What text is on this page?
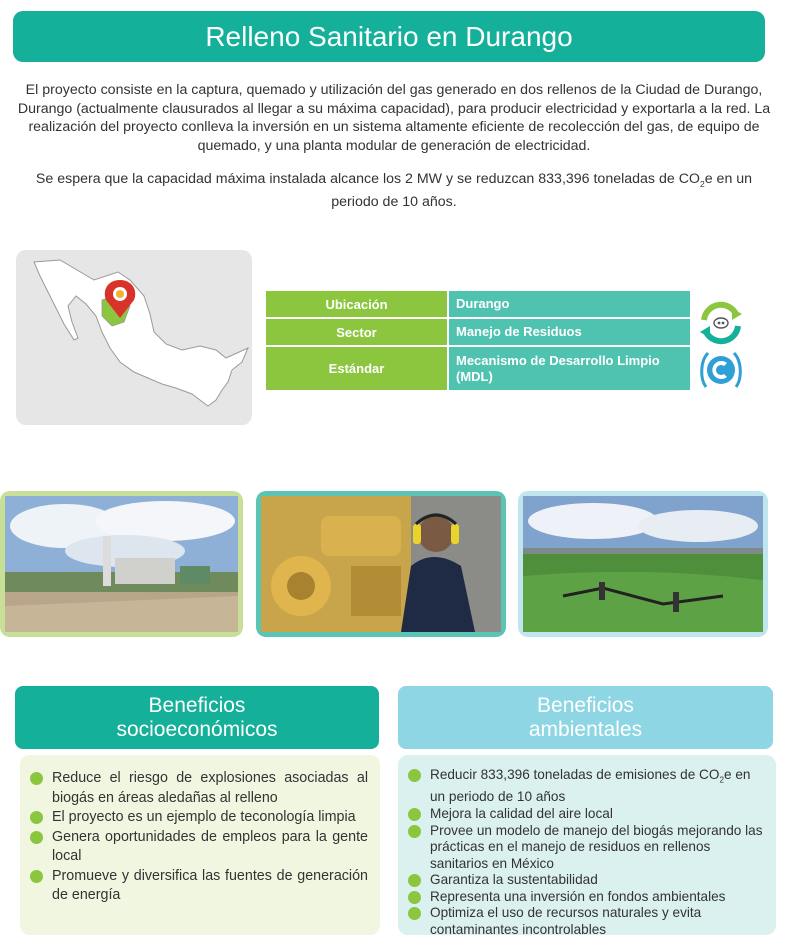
Relleno Sanitario en Durango

El proyecto consiste en la captura, quemado y utilización del gas generado en dos rellenos de la Ciudad de Durango, Durango (actualmente clausurados al llegar a su máxima capacidad), para producir electricidad y exportarla a la red. La realización del proyecto conlleva la inversión en un sistema altamente eficiente de recolección del gas, de equipo de quemado, y una planta modular de generación de electricidad.

Se espera que la capacidad máxima instalada alcance los 2 MW y se reduzcan 833,396 toneladas de $CO_2e$ en un periodo de 10 años.

Ubicación	Durango
Sector	Manejo de Residuos
Estándar
Mecanismo de Desarrollo Limpio (MDL)
Beneficios
socioeconómicos
Beneficios
ambientales
Reduce el riesgo de explosiones asociadas al biogás en áreas aledañas al relleno
El proyecto es un ejemplo de teconología limpia
Genera oportunidades de empleos para la gente local
Promueve y diversifica las fuentes de generación de energía
Reducir 833,396 toneladas de emisiones de $CO_2e$ en un periodo de 10 años
Mejora la calidad del aire local
Provee un modelo de manejo del biogás mejorando las prácticas en el manejo de residuos en rellenos sanitarios en México
Garantiza la sustentabilidad
Representa una inversión en fondos ambientales
Optimiza el uso de recursos naturales y evita contaminantes incontrolables
